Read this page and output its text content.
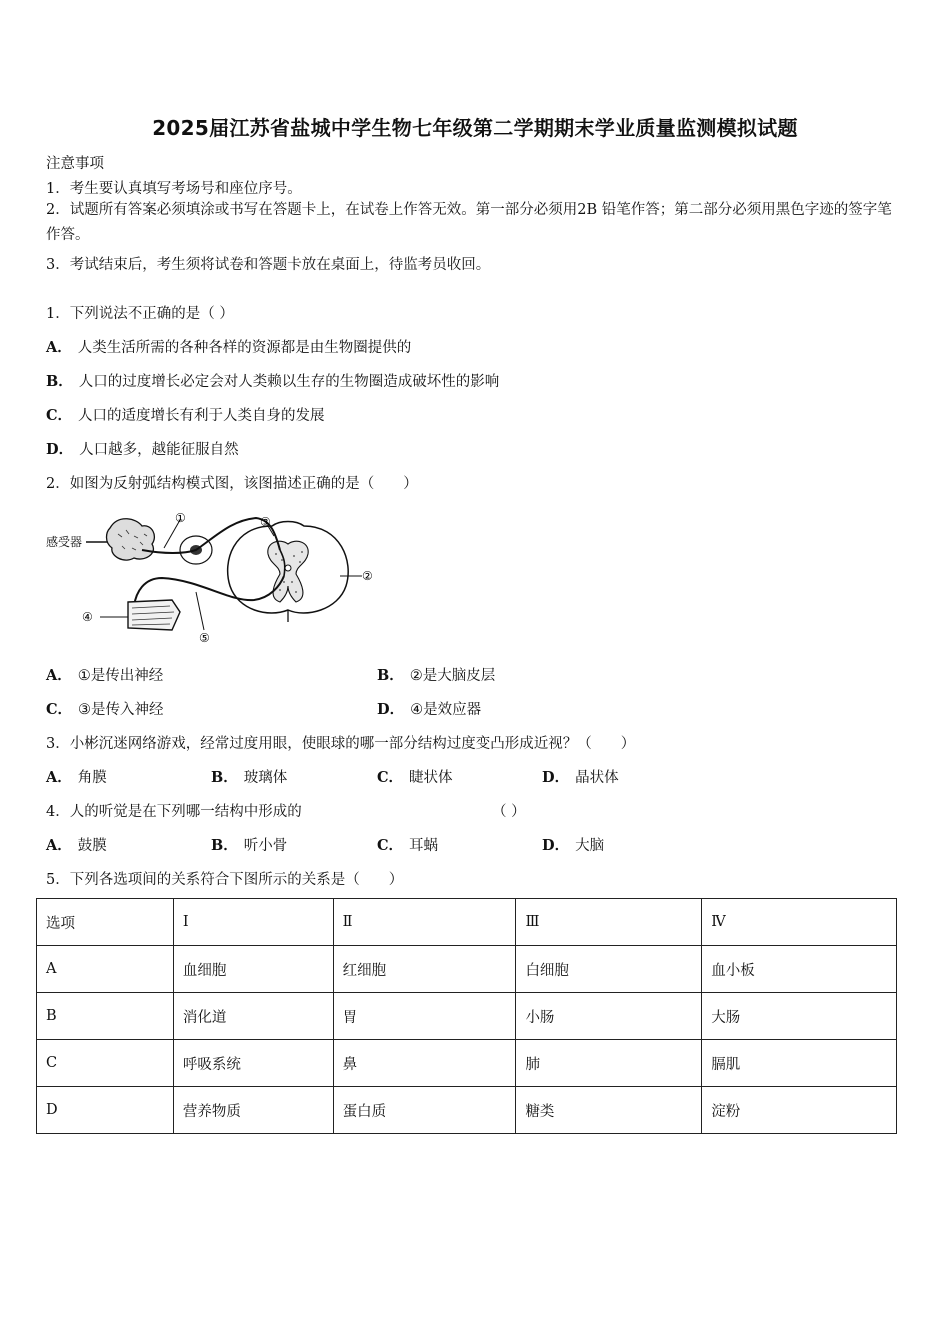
2025届江苏省盐城中学生物七年级第二学期期末学业质量监测模拟试题
注意事项
1．考生要认真填写考场号和座位序号。
2．试题所有答案必须填涂或书写在答题卡上，在试卷上作答无效。第一部分必须用2B 铅笔作答；第二部分必须用黑色字迹的签字笔作答。
3．考试结束后，考生须将试卷和答题卡放在桌面上，待监考员收回。
1．下列说法不正确的是（ ）
A． 人类生活所需的各种各样的资源都是由生物圈提供的
B． 人口的过度增长必定会对人类赖以生存的生物圈造成破坏性的影响
C． 人口的适度增长有利于人类自身的发展
D． 人口越多，越能征服自然
2．如图为反射弧结构模式图，该图描述正确的是（　　）
感受器
①
②
③
④
⑤
A． ①是传出神经	B． ②是大脑皮层
C． ③是传入神经	D． ④是效应器
3．小彬沉迷网络游戏，经常过度用眼，使眼球的哪一部分结构过度变凸形成近视？（　　）
A． 角膜	B． 玻璃体	C． 睫状体	D． 晶状体
4．人的听觉是在下列哪一结构中形成的	（ ）
A． 鼓膜	B． 听小骨	C． 耳蜗	D． 大脑
5．下列各选项间的关系符合下图所示的关系是（　　）
选项	Ⅰ	Ⅱ	Ⅲ	Ⅳ
A	血细胞	红细胞	白细胞	血小板
B	消化道	胃	小肠	大肠
C	呼吸系统	鼻	肺	膈肌
D	营养物质	蛋白质	糖类	淀粉
